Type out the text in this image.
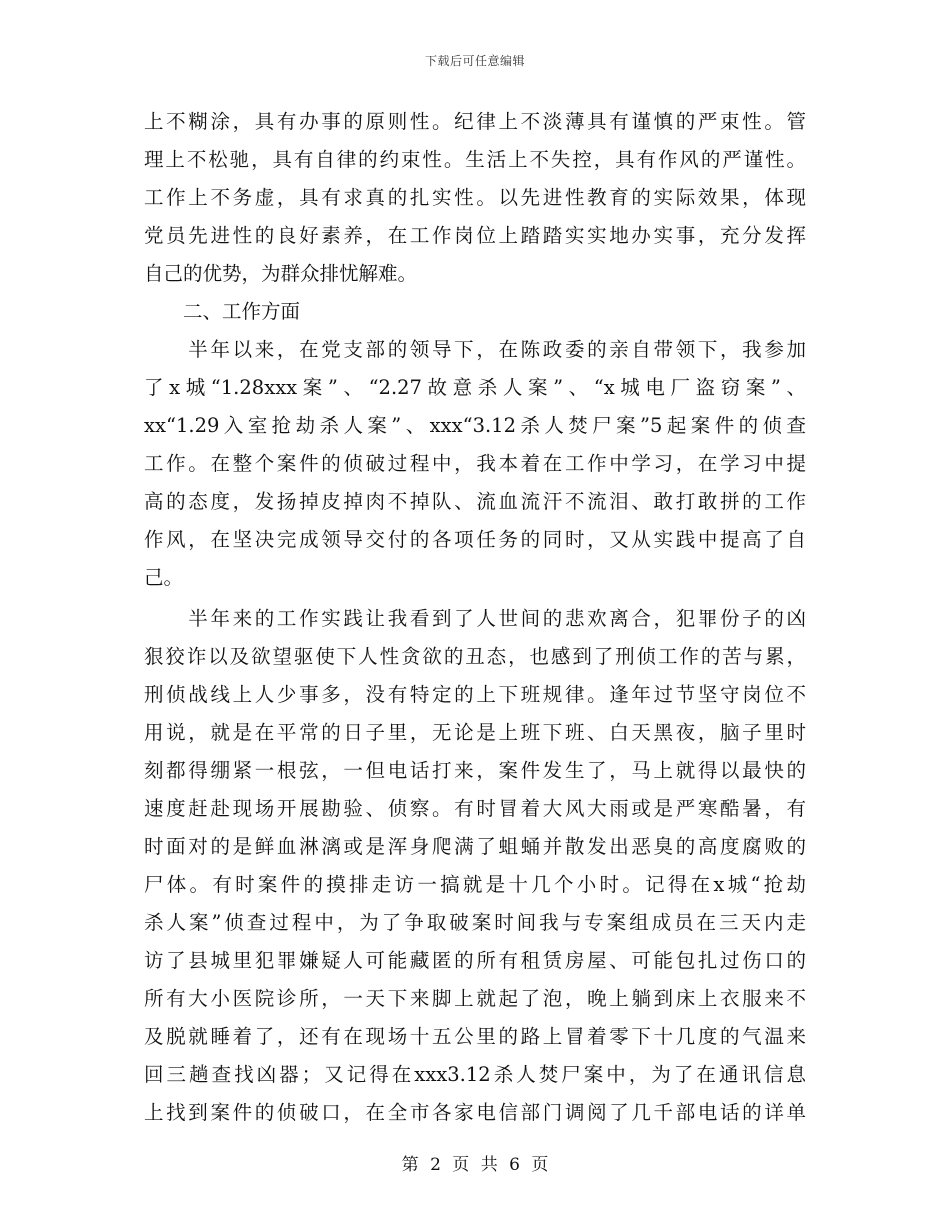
下载后可任意编辑
上不糊涂，具有办事的原则性。纪律上不淡薄具有谨慎的严束性。管
理上不松驰，具有自律的约束性。生活上不失控，具有作风的严谨性。
工作上不务虚，具有求真的扎实性。以先进性教育的实际效果，体现
党员先进性的良好素养，在工作岗位上踏踏实实地办实事，充分发挥
自己的优势，为群众排忧解难。
　　二、工作方面
　　半年以来，在党支部的领导下，在陈政委的亲自带领下，我参加
了x城“1.28xxx案”、“2.27故意杀人案”、“x城电厂盗窃案”、
xx“1.29入室抢劫杀人案”、xxx“3.12杀人焚尸案”5起案件的侦查
工作。在整个案件的侦破过程中，我本着在工作中学习，在学习中提
高的态度，发扬掉皮掉肉不掉队、流血流汗不流泪、敢打敢拼的工作
作风，在坚决完成领导交付的各项任务的同时，又从实践中提高了自
己。
　　半年来的工作实践让我看到了人世间的悲欢离合，犯罪份子的凶
狠狡诈以及欲望驱使下人性贪欲的丑态，也感到了刑侦工作的苦与累，
刑侦战线上人少事多，没有特定的上下班规律。逢年过节坚守岗位不
用说，就是在平常的日子里，无论是上班下班、白天黑夜，脑子里时
刻都得绷紧一根弦，一但电话打来，案件发生了，马上就得以最快的
速度赶赴现场开展勘验、侦察。有时冒着大风大雨或是严寒酷暑，有
时面对的是鲜血淋漓或是浑身爬满了蛆蛹并散发出恶臭的高度腐败的
尸体。有时案件的摸排走访一搞就是十几个小时。记得在x城“抢劫
杀人案”侦查过程中，为了争取破案时间我与专案组成员在三天内走
访了县城里犯罪嫌疑人可能藏匿的所有租赁房屋、可能包扎过伤口的
所有大小医院诊所，一天下来脚上就起了泡，晚上躺到床上衣服来不
及脱就睡着了，还有在现场十五公里的路上冒着零下十几度的气温来
回三趟查找凶器；又记得在xxx3.12杀人焚尸案中，为了在通讯信息
上找到案件的侦破口，在全市各家电信部门调阅了几千部电话的详单
第 2 页 共 6 页
